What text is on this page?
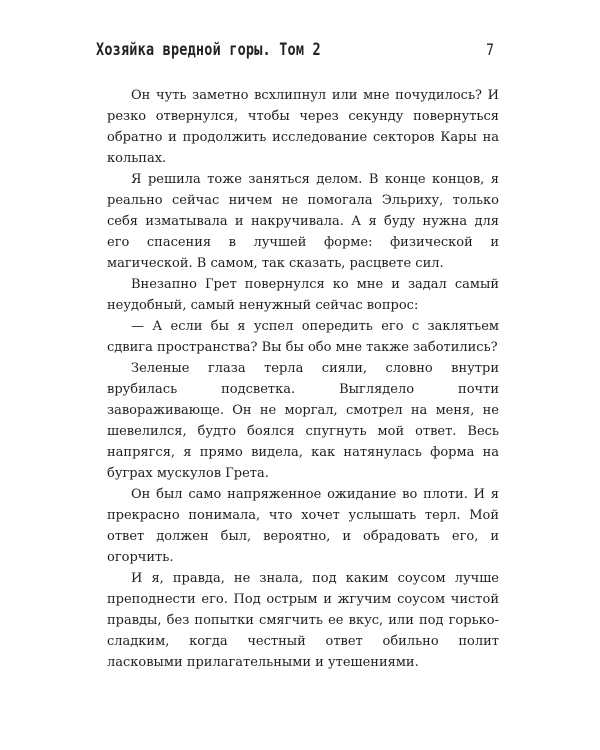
Хозяйка вредной горы. Том 2	7

Он чуть заметно всхлипнул или мне почудилось? И резко отвернулся, чтобы через секунду повернуться обратно и продолжить исследование секторов Кары на кольпах.

Я решила тоже заняться делом. В конце концов, я реально сейчас ничем не помогала Эльриху, только себя изматывала и накручивала. А я буду нужна для его спасения в лучшей форме: физической и магической. В самом, так сказать, расцвете сил.

Внезапно Грет повернулся ко мне и задал самый неудобный, самый ненужный сейчас вопрос:

— А если бы я успел опередить его с заклятьем сдвига пространства? Вы бы обо мне также заботились?

Зеленые глаза терла сияли, словно внутри врубилась подсветка. Выглядело почти завораживающе. Он не моргал, смотрел на меня, не шевелился, будто боялся спугнуть мой ответ. Весь напрягся, я прямо видела, как натянулась форма на буграх мускулов Грета.

Он был само напряженное ожидание во плоти. И я прекрасно понимала, что хочет услышать терл. Мой ответ должен был, вероятно, и обрадовать его, и огорчить.

И я, правда, не знала, под каким соусом лучше преподнести его. Под острым и жгучим соусом чистой правды, без попытки смягчить ее вкус, или под горько-сладким, когда честный ответ обильно полит ласковыми прилагательными и утешениями.
